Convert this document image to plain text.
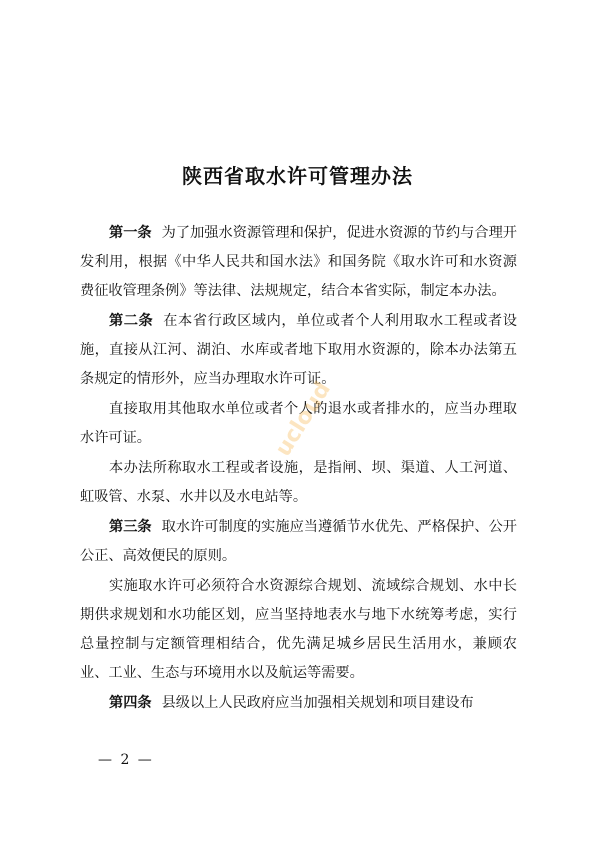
陕西省取水许可管理办法

第一条 为了加强水资源管理和保护，促进水资源的节约与合理开发利用，根据《中华人民共和国水法》和国务院《取水许可和水资源费征收管理条例》等法律、法规规定，结合本省实际，制定本办法。

第二条 在本省行政区域内，单位或者个人利用取水工程或者设施，直接从江河、湖泊、水库或者地下取用水资源的，除本办法第五条规定的情形外，应当办理取水许可证。

直接取用其他取水单位或者个人的退水或者排水的，应当办理取水许可证。

本办法所称取水工程或者设施，是指闸、坝、渠道、人工河道、虹吸管、水泵、水井以及水电站等。

第三条 取水许可制度的实施应当遵循节水优先、严格保护、公开公正、高效便民的原则。

实施取水许可必须符合水资源综合规划、流域综合规划、水中长期供求规划和水功能区划，应当坚持地表水与地下水统筹考虑，实行总量控制与定额管理相结合，优先满足城乡居民生活用水，兼顾农业、工业、生态与环境用水以及航运等需要。

第四条 县级以上人民政府应当加强相关规划和项目建设布

ucloud
— 2 —
